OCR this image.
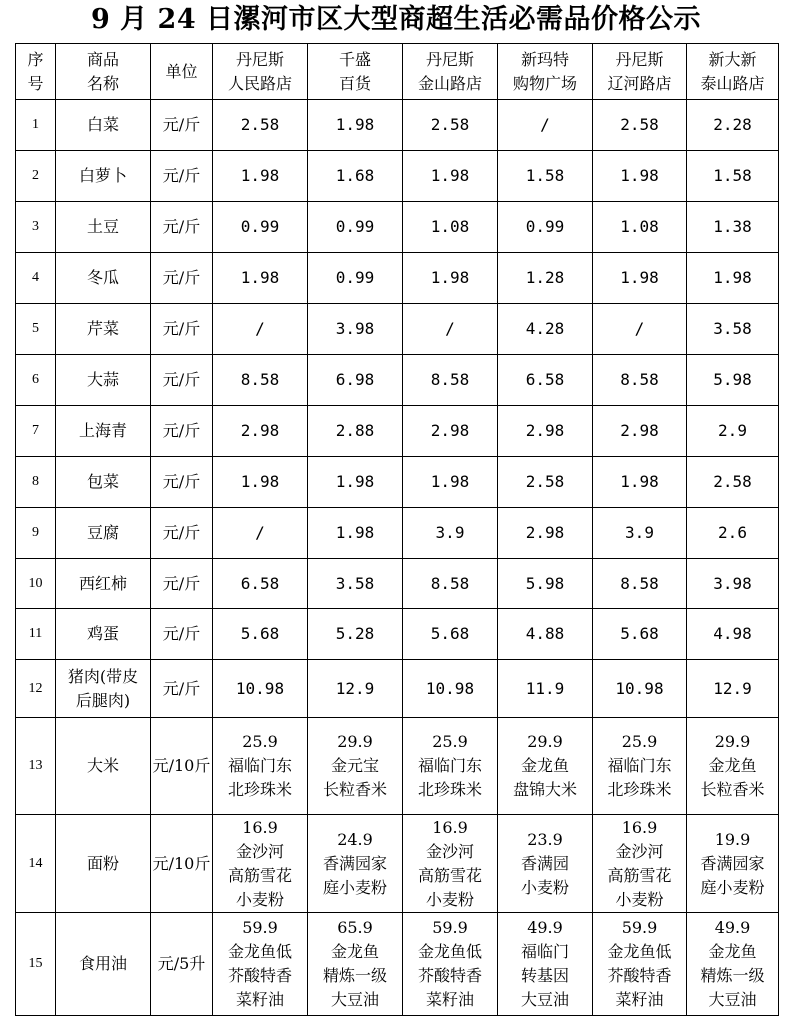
9 月 24 日漯河市区大型商超生活必需品价格公示
序
号	商品
名称	单位	丹尼斯
人民路店	千盛
百货	丹尼斯
金山路店	新玛特
购物广场	丹尼斯
辽河路店	新大新
泰山路店

1	白菜	元/斤	2.58	1.98	2.58	/	2.58	2.28

2	白萝卜	元/斤	1.98	1.68	1.98	1.58	1.98	1.58

3	土豆	元/斤	0.99	0.99	1.08	0.99	1.08	1.38

4	冬瓜	元/斤	1.98	0.99	1.98	1.28	1.98	1.98

5	芹菜	元/斤	/	3.98	/	4.28	/	3.58

6	大蒜	元/斤	8.58	6.98	8.58	6.58	8.58	5.98

7	上海青	元/斤	2.98	2.88	2.98	2.98	2.98	2.9

8	包菜	元/斤	1.98	1.98	1.98	2.58	1.98	2.58

9	豆腐	元/斤	/	1.98	3.9	2.98	3.9	2.6

10	西红柿	元/斤	6.58	3.58	8.58	5.98	8.58	3.98

11	鸡蛋	元/斤	5.68	5.28	5.68	4.88	5.68	4.98

12	猪肉(带皮
后腿肉)	元/斤	10.98	12.9	10.98	11.9	10.98	12.9

13	大米	元/10斤	25.9
福临门东
北珍珠米	29.9
金元宝
长粒香米	25.9
福临门东
北珍珠米	29.9
金龙鱼
盘锦大米	25.9
福临门东
北珍珠米	29.9
金龙鱼
长粒香米

14	面粉	元/10斤	16.9
金沙河
高筋雪花
小麦粉	24.9
香满园家
庭小麦粉	16.9
金沙河
高筋雪花
小麦粉	23.9
香满园
小麦粉	16.9
金沙河
高筋雪花
小麦粉	19.9
香满园家
庭小麦粉

15	食用油	元/5升	59.9
金龙鱼低
芥酸特香
菜籽油	65.9
金龙鱼
精炼一级
大豆油	59.9
金龙鱼低
芥酸特香
菜籽油	49.9
福临门
转基因
大豆油	59.9
金龙鱼低
芥酸特香
菜籽油	49.9
金龙鱼
精炼一级
大豆油
